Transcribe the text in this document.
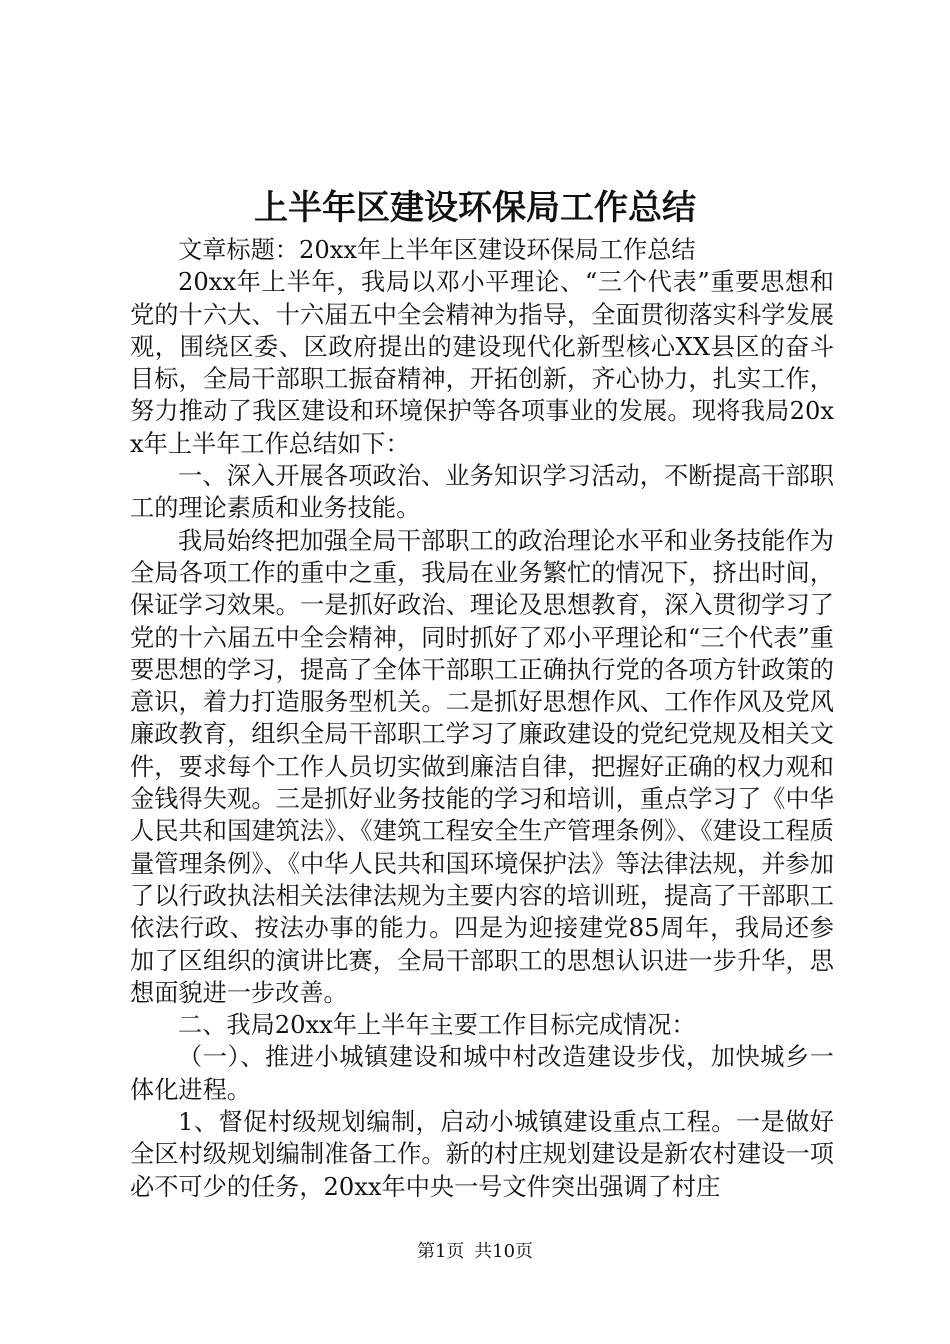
上半年区建设环保局工作总结

文章标题：20xx年上半年区建设环保局工作总结

20xx年上半年，我局以邓小平理论、“三个代表”重要思想和党的十六大、十六届五中全会精神为指导，全面贯彻落实科学发展观，围绕区委、区政府提出的建设现代化新型核心XX县区的奋斗目标，全局干部职工振奋精神，开拓创新，齐心协力，扎实工作，努力推动了我区建设和环境保护等各项事业的发展。现将我局20xx年上半年工作总结如下：

一、深入开展各项政治、业务知识学习活动，不断提高干部职工的理论素质和业务技能。

我局始终把加强全局干部职工的政治理论水平和业务技能作为全局各项工作的重中之重，我局在业务繁忙的情况下，挤出时间，保证学习效果。一是抓好政治、理论及思想教育，深入贯彻学习了党的十六届五中全会精神，同时抓好了邓小平理论和“三个代表”重要思想的学习，提高了全体干部职工正确执行党的各项方针政策的意识，着力打造服务型机关。二是抓好思想作风、工作作风及党风廉政教育，组织全局干部职工学习了廉政建设的党纪党规及相关文件，要求每个工作人员切实做到廉洁自律，把握好正确的权力观和金钱得失观。三是抓好业务技能的学习和培训，重点学习了《中华人民共和国建筑法》、《建筑工程安全生产管理条例》、《建设工程质量管理条例》、《中华人民共和国环境保护法》等法律法规，并参加了以行政执法相关法律法规为主要内容的培训班，提高了干部职工依法行政、按法办事的能力。四是为迎接建党85周年，我局还参加了区组织的演讲比赛，全局干部职工的思想认识进一步升华，思想面貌进一步改善。

二、我局20xx年上半年主要工作目标完成情况：

（一）、推进小城镇建设和城中村改造建设步伐，加快城乡一体化进程。

1、督促村级规划编制，启动小城镇建设重点工程。一是做好全区村级规划编制准备工作。新的村庄规划建设是新农村建设一项必不可少的任务，20xx年中央一号文件突出强调了村庄

第1页 共10页
